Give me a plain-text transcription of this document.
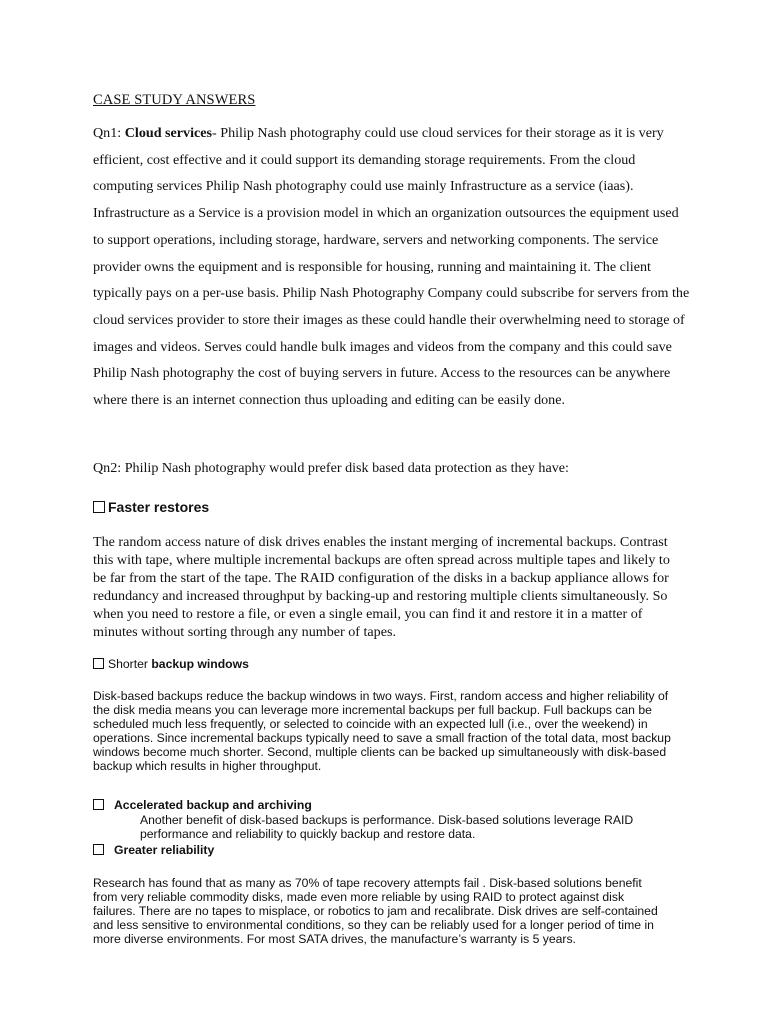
CASE STUDY ANSWERS
Qn1: Cloud services- Philip Nash photography could use cloud services for their storage as it is very efficient, cost effective and it could support its demanding storage requirements. From the cloud computing services Philip Nash photography could use mainly Infrastructure as a service (iaas). Infrastructure as a Service is a provision model in which an organization outsources the equipment used to support operations, including storage, hardware, servers and networking components. The service provider owns the equipment and is responsible for housing, running and maintaining it. The client typically pays on a per-use basis. Philip Nash Photography Company could subscribe for servers from the cloud services provider to store their images as these could handle their overwhelming need to storage of images and videos. Serves could handle bulk images and videos from the company and this could save Philip Nash photography the cost of buying servers in future. Access to the resources can be anywhere where there is an internet connection thus uploading and editing can be easily done.
Qn2: Philip Nash photography would prefer disk based data protection as they have:
Faster restores
The random access nature of disk drives enables the instant merging of incremental backups. Contrast this with tape, where multiple incremental backups are often spread across multiple tapes and likely to be far from the start of the tape. The RAID configuration of the disks in a backup appliance allows for redundancy and increased throughput by backing-up and restoring multiple clients simultaneously. So when you need to restore a file, or even a single email, you can find it and restore it in a matter of minutes without sorting through any number of tapes.
Shorter backup windows
Disk-based backups reduce the backup windows in two ways. First, random access and higher reliability of the disk media means you can leverage more incremental backups per full backup. Full backups can be scheduled much less frequently, or selected to coincide with an expected lull (i.e., over the weekend) in operations. Since incremental backups typically need to save a small fraction of the total data, most backup windows become much shorter. Second, multiple clients can be backed up simultaneously with disk-based backup which results in higher throughput.
Accelerated backup and archiving
Another benefit of disk-based backups is performance. Disk-based solutions leverage RAID performance and reliability to quickly backup and restore data.
Greater reliability
Research has found that as many as 70% of tape recovery attempts fail . Disk-based solutions benefit from very reliable commodity disks, made even more reliable by using RAID to protect against disk failures. There are no tapes to misplace, or robotics to jam and recalibrate. Disk drives are self-contained and less sensitive to environmental conditions, so they can be reliably used for a longer period of time in more diverse environments. For most SATA drives, the manufacture’s warranty is 5 years.
